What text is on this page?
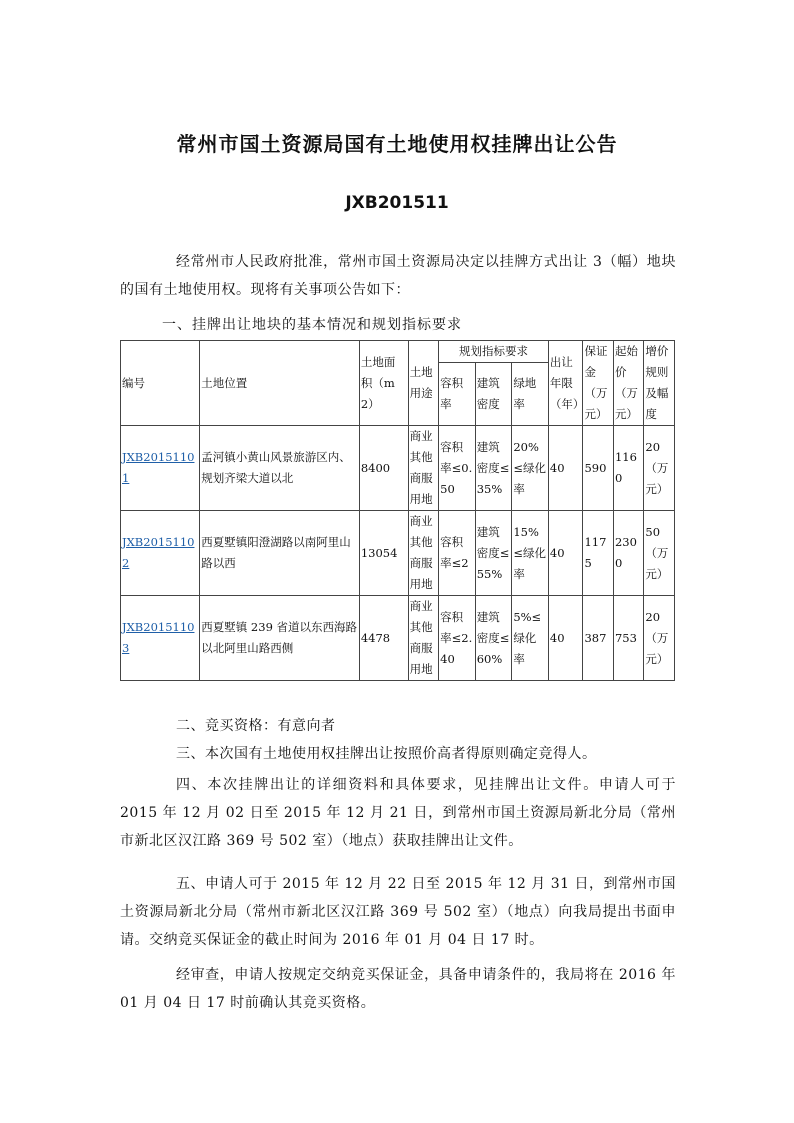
常州市国土资源局国有土地使用权挂牌出让公告
JXB201511
经常州市人民政府批准，常州市国土资源局决定以挂牌方式出让 3（幅）地块的国有土地使用权。现将有关事项公告如下：
一、挂牌出让地块的基本情况和规划指标要求
编号	土地位置	土地面积（m2）	土地用途	规划指标要求			出让年限（年）	保证金（万元）	起始价（万元）	增价规则及幅度
				容积率	建筑密度	绿地率				
JXB20151101	孟河镇小黄山风景旅游区内、规划齐梁大道以北	8400	商业其他商服用地	容积率≤0.50	建筑密度≤35%	20%≤绿化率	40	590	1160	20（万元）
JXB20151102	西夏墅镇阳澄湖路以南阿里山路以西	13054	商业其他商服用地	容积率≤2	建筑密度≤55%	15%≤绿化率	40	1175	2300	50（万元）
JXB20151103	西夏墅镇 239 省道以东西海路以北阿里山路西侧	4478	商业其他商服用地	容积率≤2.40	建筑密度≤60%	5%≤绿化率	40	387	753	20（万元）
二、竞买资格：有意向者
三、本次国有土地使用权挂牌出让按照价高者得原则确定竞得人。
四、本次挂牌出让的详细资料和具体要求，见挂牌出让文件。申请人可于 2015 年 12 月 02 日至 2015 年 12 月 21 日，到常州市国土资源局新北分局（常州市新北区汉江路 369 号 502 室）（地点）获取挂牌出让文件。
五、申请人可于 2015 年 12 月 22 日至 2015 年 12 月 31 日，到常州市国土资源局新北分局（常州市新北区汉江路 369 号 502 室）（地点）向我局提出书面申请。交纳竞买保证金的截止时间为 2016 年 01 月 04 日 17 时。
经审查，申请人按规定交纳竞买保证金，具备申请条件的，我局将在 2016 年 01 月 04 日 17 时前确认其竞买资格。
